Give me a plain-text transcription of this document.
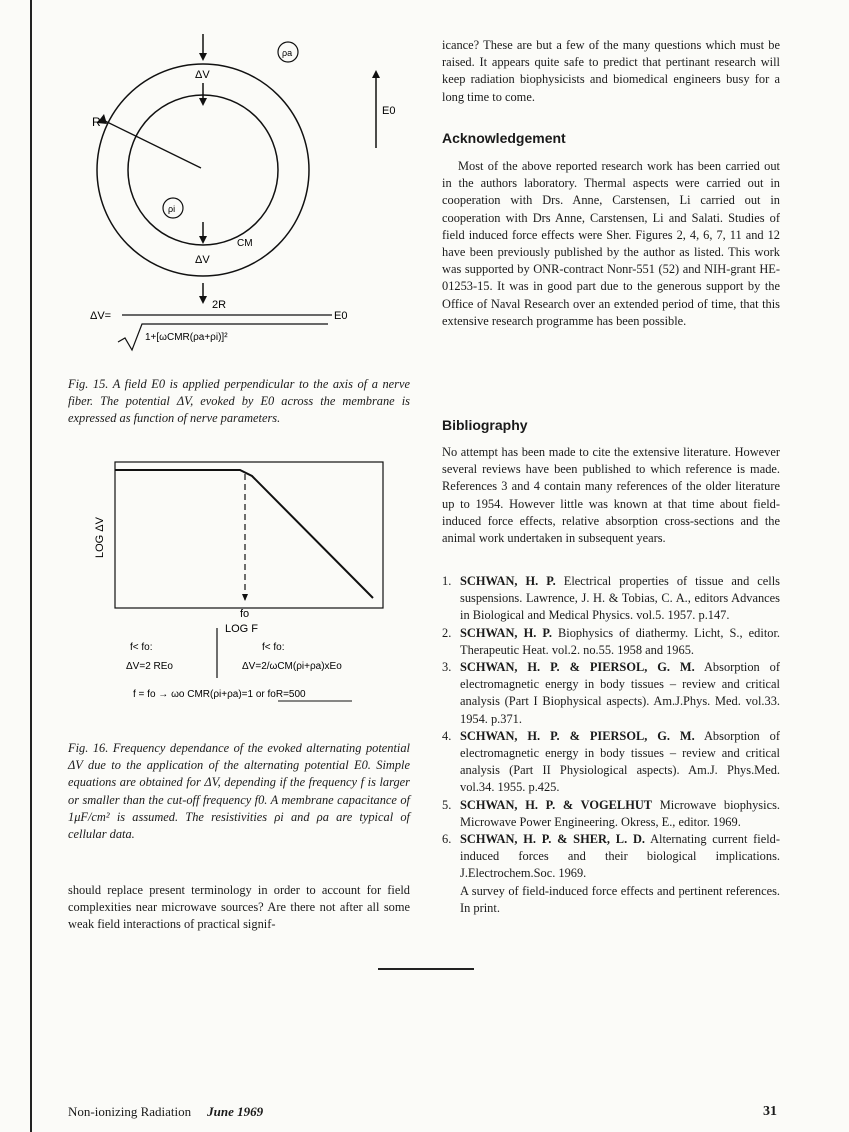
ΔV
ΔV
R
ρa
ρi
CM
E0
ΔV=
2R
E0
1+[ωCMR(ρa+ρi)]²
Fig. 15. A field E0 is applied perpendicular to the axis of a nerve fiber. The potential ΔV, evoked by E0 across the membrane is expressed as function of nerve parameters.
LOG ΔV
fo
LOG F
f< fo:
ΔV=2 REo
f< fo:
ΔV=2/ωCM(ρi+ρa)xEo
f = fo → ωo CMR(ρi+ρa)=1 or foR=500
Fig. 16. Frequency dependance of the evoked alternating potential ΔV due to the application of the alternating potential E0. Simple equations are obtained for ΔV, depending if the frequency f is larger or smaller than the cut-off frequency f0. A membrane capacitance of 1μF/cm² is assumed. The resistivities ρi and ρa are typical of cellular data.
should replace present terminology in order to account for field complexities near microwave sources? Are there not after all some weak field interactions of practical signif-
icance? These are but a few of the many questions which must be raised. It appears quite safe to predict that pertinant research will keep radiation biophysicists and biomedical engineers busy for a long time to come.
Acknowledgement

Most of the above reported research work has been carried out in the authors laboratory. Thermal aspects were carried out in cooperation with Drs. Anne, Carstensen, Li carried out in cooperation with Drs Anne, Carstensen, Li and Salati. Studies of field induced force effects were Sher. Figures 2, 4, 6, 7, 11 and 12 have been previously published by the author as listed. This work was supported by ONR-contract Nonr-551 (52) and NIH-grant HE-01253-15. It was in good part due to the generous support by the Office of Naval Research over an extended period of time, that this extensive research programme has been possible.

Bibliography
No attempt has been made to cite the extensive literature. However several reviews have been published to which reference is made. References 3 and 4 contain many references of the older literature up to 1954. However little was known at that time about field-induced force effects, relative absorption cross-sections and the animal work undertaken in subsequent years.
1. SCHWAN, H. P. Electrical properties of tissue and cells suspensions. Lawrence, J. H. & Tobias, C. A., editors Advances in Biological and Medical Physics. vol.5. 1957. p.147.
2. SCHWAN, H. P. Biophysics of diathermy. Licht, S., editor. Therapeutic Heat. vol.2. no.55. 1958 and 1965.
3. SCHWAN, H. P. & PIERSOL, G. M. Absorption of electromagnetic energy in body tissues – review and critical analysis (Part I Biophysical aspects). Am.J.Phys. Med. vol.33. 1954. p.371.
4. SCHWAN, H. P. & PIERSOL, G. M. Absorption of electromagnetic energy in body tissues – review and critical analysis (Part II Physiological aspects). Am.J. Phys.Med. vol.34. 1955. p.425.
5. SCHWAN, H. P. & VOGELHUT Microwave biophysics. Microwave Power Engineering. Okress, E., editor. 1969.
6. SCHWAN, H. P. & SHER, L. D. Alternating current field-induced forces and their biological implications. J.Electrochem.Soc. 1969.
A survey of field-induced force effects and pertinent references. In print.
Non-ionizing Radiation June 1969	31
